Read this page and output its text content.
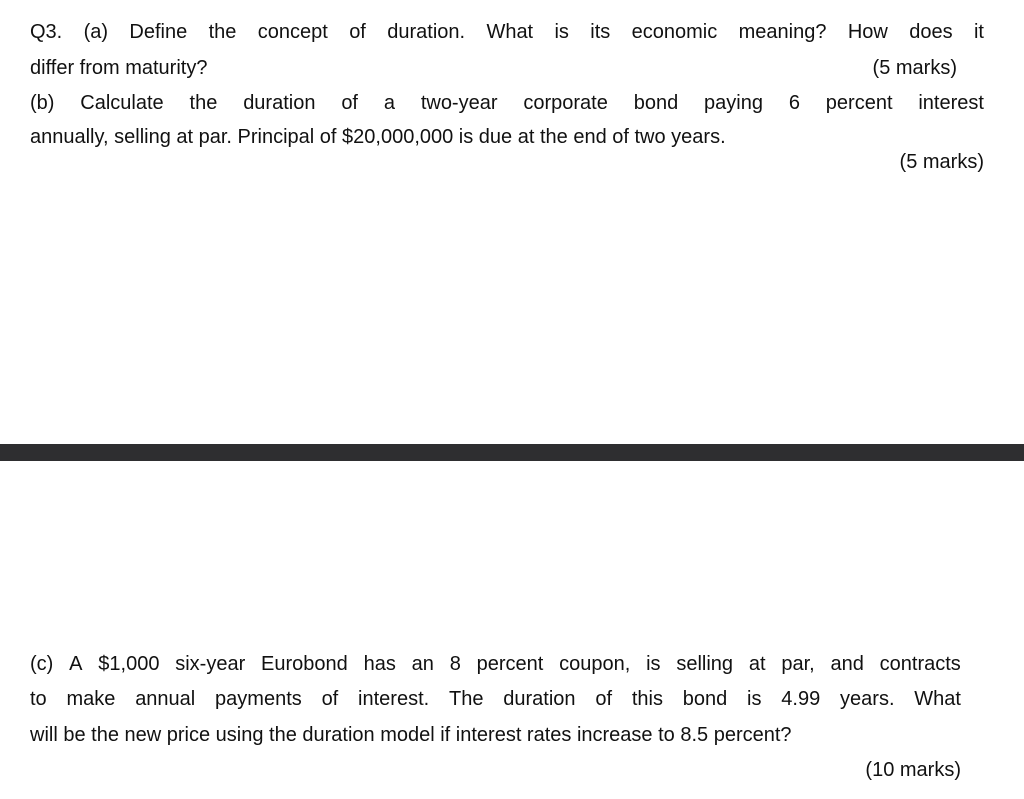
Q3. (a) Define the concept of duration. What is its economic meaning? How does it
differ from maturity?	(5 marks)
(b) Calculate the duration of a two-year corporate bond paying 6 percent interest
annually, selling at par. Principal of $20,000,000 is due at the end of two years.
(5 marks)
(c) A $1,000 six-year Eurobond has an 8 percent coupon, is selling at par, and contracts
to make annual payments of interest. The duration of this bond is 4.99 years. What
will be the new price using the duration model if interest rates increase to 8.5 percent?
(10 marks)
